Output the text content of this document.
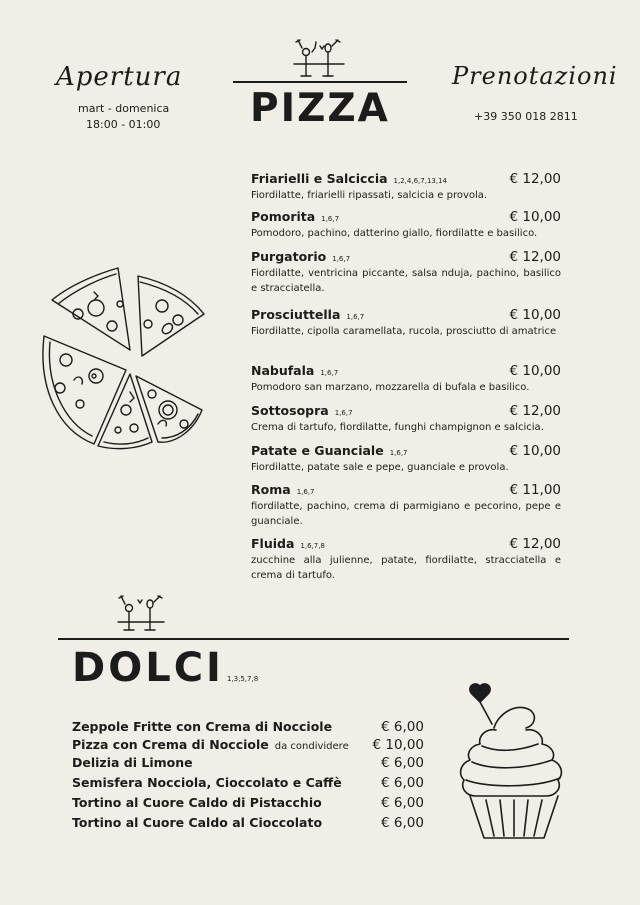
Apertura
mart - domenica
18:00 - 01:00
Prenotazioni
+39 350 018 2811
PIZZA
Friarielli e Salciccia 1,2,4,6,7,13,14	€ 12,00
Fiordilatte, friarielli ripassati, salcicia e provola.
Pomorita 1,6,7	€ 10,00
Pomodoro, pachino, datterino giallo, fiordilatte e basilico.
Purgatorio 1,6,7	€ 12,00
Fiordilatte, ventricina piccante, salsa nduja, pachino, basilico e stracciatella.
Prosciuttella 1,6,7	€ 10,00
Fiordilatte, cipolla caramellata, rucola, prosciutto di amatrice
Nabufala 1,6,7	€ 10,00
Pomodoro san marzano, mozzarella di bufala e basilico.
Sottosopra 1,6,7	€ 12,00
Crema di tartufo, fiordilatte, funghi champignon e salcicia.
Patate e Guanciale 1,6,7	€ 10,00
Fiordilatte, patate sale e pepe, guanciale e provola.
Roma 1,6,7	€ 11,00
fiordilatte, pachino, crema di parmigiano e pecorino, pepe e guanciale.
Fluida 1,6,7,8	€ 12,00
zucchine alla julienne, patate, fiordilatte, stracciatella e crema di tartufo.
DOLCI 1,3,5,7,8
Zeppole Fritte con Crema di Nocciole	€ 6,00
Pizza con Crema di Nocciole da condividere € 10,00
Delizia di Limone	€ 6,00
Semisfera Nocciola, Cioccolato e Caffè	€ 6,00
Tortino al Cuore Caldo di Pistacchio	€ 6,00
Tortino al Cuore Caldo al Cioccolato	€ 6,00
